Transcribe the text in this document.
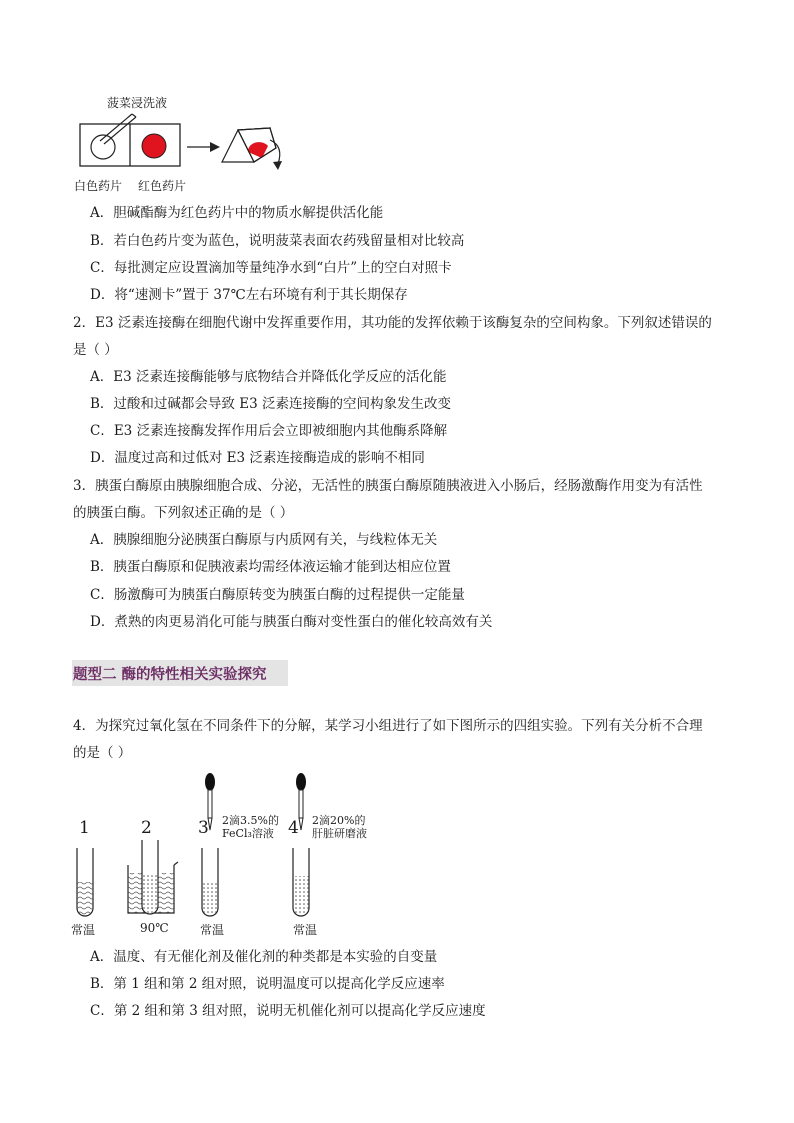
菠菜浸洗液
白色药片 红色药片
A．胆碱酯酶为红色药片中的物质水解提供活化能
B．若白色药片变为蓝色，说明菠菜表面农药残留量相对比较高
C．每批测定应设置滴加等量纯净水到“白片”上的空白对照卡
D．将“速测卡”置于 37℃左右环境有利于其长期保存
2．E3 泛素连接酶在细胞代谢中发挥重要作用，其功能的发挥依赖于该酶复杂的空间构象。下列叙述错误的
是（ ）
A．E3 泛素连接酶能够与底物结合并降低化学反应的活化能
B．过酸和过碱都会导致 E3 泛素连接酶的空间构象发生改变
C．E3 泛素连接酶发挥作用后会立即被细胞内其他酶系降解
D．温度过高和过低对 E3 泛素连接酶造成的影响不相同
3．胰蛋白酶原由胰腺细胞合成、分泌，无活性的胰蛋白酶原随胰液进入小肠后，经肠激酶作用变为有活性
的胰蛋白酶。下列叙述正确的是（ ）
A．胰腺细胞分泌胰蛋白酶原与内质网有关，与线粒体无关
B．胰蛋白酶原和促胰液素均需经体液运输才能到达相应位置
C．肠激酶可为胰蛋白酶原转变为胰蛋白酶的过程提供一定能量
D．煮熟的肉更易消化可能与胰蛋白酶对变性蛋白的催化较高效有关
题型二 酶的特性相关实验探究
4．为探究过氧化氢在不同条件下的分解，某学习小组进行了如下图所示的四组实验。下列有关分析不合理
的是（ ）
1	2	3	4
2滴3.5%的
FeCl₃溶液
2滴20%的
肝脏研磨液
常温	90℃	常温	常温
A．温度、有无催化剂及催化剂的种类都是本实验的自变量
B．第 1 组和第 2 组对照，说明温度可以提高化学反应速率
C．第 2 组和第 3 组对照，说明无机催化剂可以提高化学反应速度
